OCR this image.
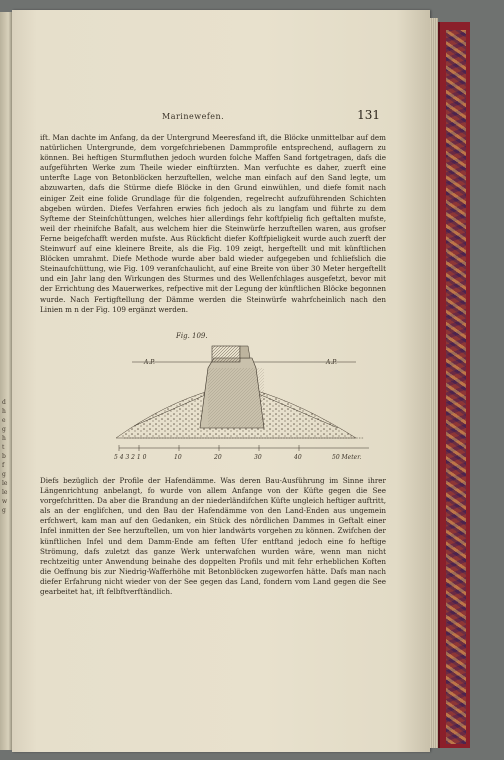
d
h
e
g
h
t
b
f
g
le
le
w
g
Marinewefen.	131

ift. Man dachte im Anfang, da der Untergrund Meeresfand ift, die Blöcke unmittelbar auf dem natürlichen Untergrunde, dem vorgefchriebenen Dammprofile entsprechend, auflagern zu können. Bei heftigen Sturmfluthen jedoch wurden folche Maffen Sand fortgetragen, dafs die aufgeführten Werke zum Theile wieder einftürzten. Man verfuchte es daher, zuerft eine unterfte Lage von Betonblöcken herzuftellen, welche man einfach auf den Sand legte, um abzuwarten, dafs die Stürme diefe Blöcke in den Grund einwühlen, und diefe fomit nach einiger Zeit eine folide Grundlage für die folgenden, regelrecht aufzuführenden Schichten abgeben würden. Diefes Verfahren erwies fich jedoch als zu langfam und führte zu dem Syfteme der Steinfchüttungen, welches hier allerdings fehr koftfpielig fich geftalten mufste, weil der rheinifche Bafalt, aus welchem hier die Steinwürfe herzuftellen waren, aus grofser Ferne beigefchafft werden mufste. Aus Rückficht diefer Koftfpieligkeit wurde auch zuerft der Steinwurf auf eine kleinere Breite, als die Fig. 109 zeigt, hergeftellt und mit künftlichen Blöcken umrahmt. Diefe Methode wurde aber bald wieder aufgegeben und fchliefslich die Steinaufchüttung, wie Fig. 109 veranfchaulicht, auf eine Breite von über 30 Meter hergeftellt und ein Jahr lang den Wirkungen des Sturmes und des Wellenfchlages ausgefetzt, bevor mit der Errichtung des Mauerwerkes, refpective mit der Legung der künftlichen Blöcke begonnen wurde. Nach Fertigftellung der Dämme werden die Steinwürfe wahrfcheinlich nach den Linien m n der Fig. 109 ergänzt werden.

Fig. 109.
A.P.	A.P.
5 4 3 2 1 0	10	20	30	40	50 Meter.

Diefs bezüglich der Profile der Hafendämme. Was deren Bau-Ausführung im Sinne ihrer Längenrichtung anbelangt, fo wurde von allem Anfange von der Küfte gegen die See vorgefchritten. Da aber die Brandung an der niederländifchen Küfte ungleich heftiger auftritt, als an der englifchen, und den Bau der Hafendämme von den Land-Enden aus ungemein erfchwert, kam man auf den Gedanken, ein Stück des nördlichen Dammes in Geftalt einer Infel inmitten der See herzuftellen, um von hier landwärts vorgehen zu können. Zwifchen der künftlichen Infel und dem Damm-Ende am feften Ufer entftand jedoch eine fo heftige Strömung, dafs zuletzt das ganze Werk unterwafchen wurden wäre, wenn man nicht rechtzeitig unter Anwendung beinahe des doppelten Profils und mit fehr erheblichen Koften die Oeffnung bis zur Niedrig-Wafferhöhe mit Betonblöcken zugeworfen hätte. Dafs man nach diefer Erfahrung nicht wieder von der See gegen das Land, fondern vom Land gegen die See gearbeitet hat, ift felbftverftändlich.
